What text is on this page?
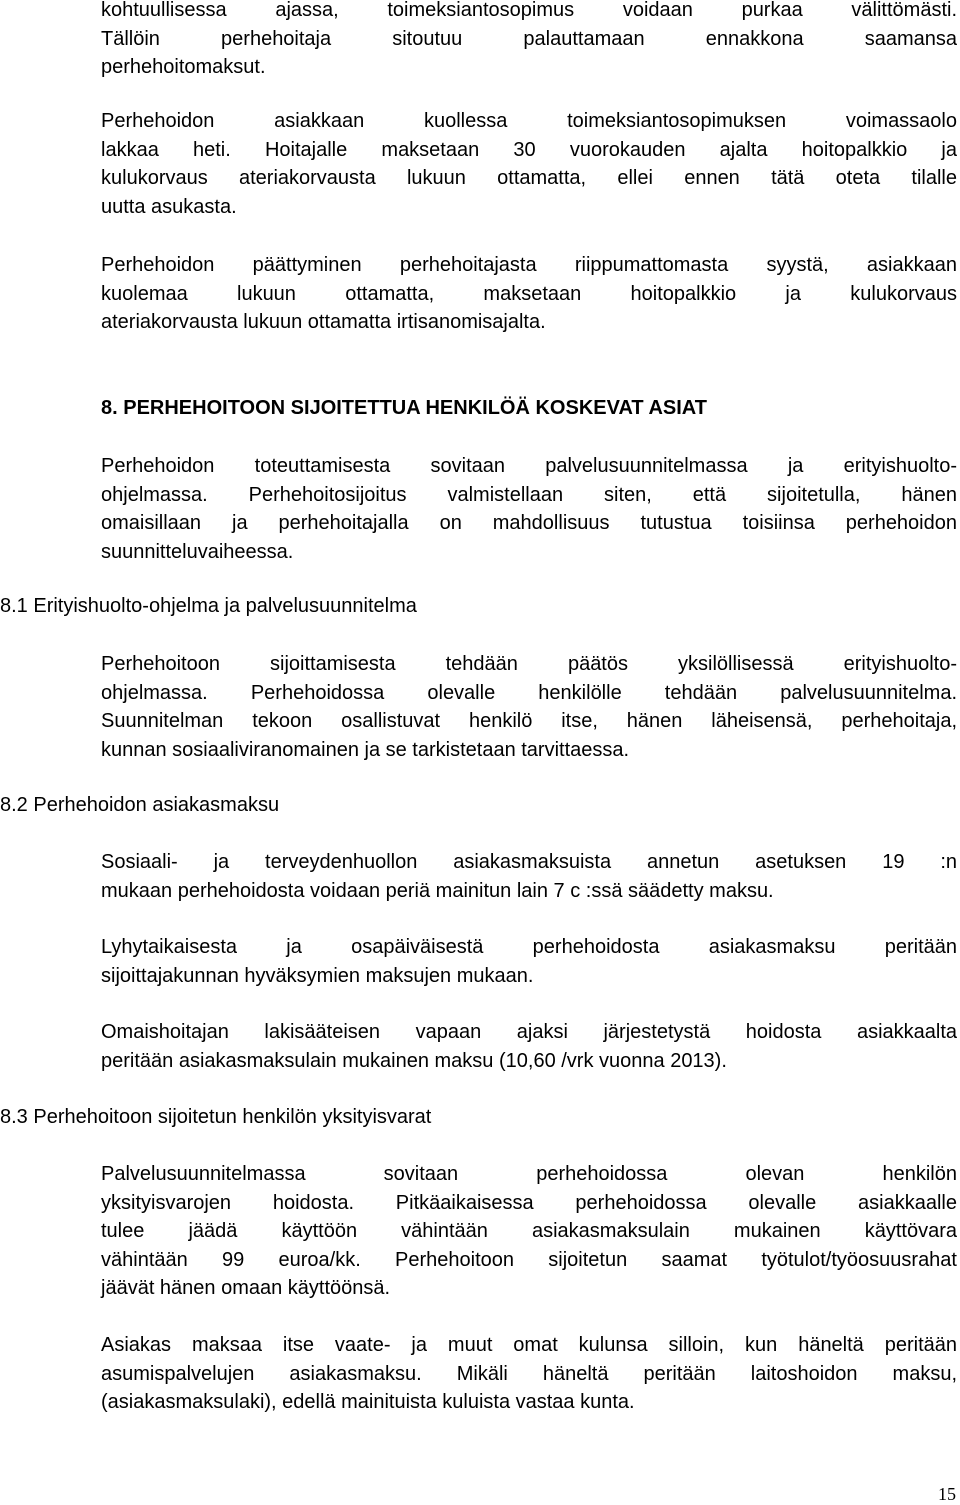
kohtuullisessa ajassa, toimeksiantosopimus voidaan purkaa välittömästi.
Tällöin perhehoitaja sitoutuu palauttamaan ennakkona saamansa
perhehoitomaksut.
Perhehoidon asiakkaan kuollessa toimeksiantosopimuksen voimassaolo
lakkaa heti. Hoitajalle maksetaan 30 vuorokauden ajalta hoitopalkkio ja
kulukorvaus ateriakorvausta lukuun ottamatta, ellei ennen tätä oteta tilalle
uutta asukasta.
Perhehoidon päättyminen perhehoitajasta riippumattomasta syystä, asiakkaan
kuolemaa lukuun ottamatta, maksetaan hoitopalkkio ja kulukorvaus
ateriakorvausta lukuun ottamatta irtisanomisajalta.
8. PERHEHOITOON SIJOITETTUA HENKILÖÄ KOSKEVAT ASIAT
Perhehoidon toteuttamisesta sovitaan palvelusuunnitelmassa ja erityishuolto-
ohjelmassa. Perhehoitosijoitus valmistellaan siten, että sijoitetulla, hänen
omaisillaan ja perhehoitajalla on mahdollisuus tutustua toisiinsa perhehoidon
suunnitteluvaiheessa.
8.1 Erityishuolto-ohjelma ja palvelusuunnitelma
Perhehoitoon sijoittamisesta tehdään päätös yksilöllisessä erityishuolto-
ohjelmassa. Perhehoidossa olevalle henkilölle tehdään palvelusuunnitelma.
Suunnitelman tekoon osallistuvat henkilö itse, hänen läheisensä, perhehoitaja,
kunnan sosiaaliviranomainen ja se tarkistetaan tarvittaessa.
8.2 Perhehoidon asiakasmaksu
Sosiaali- ja terveydenhuollon asiakasmaksuista annetun asetuksen 19 :n
mukaan perhehoidosta voidaan periä mainitun lain 7 c :ssä säädetty maksu.
Lyhytaikaisesta ja osapäiväisestä perhehoidosta asiakasmaksu peritään
sijoittajakunnan hyväksymien maksujen mukaan.
Omaishoitajan lakisääteisen vapaan ajaksi järjestetystä hoidosta asiakkaalta
peritään asiakasmaksulain mukainen maksu (10,60 /vrk vuonna 2013).
8.3 Perhehoitoon sijoitetun henkilön yksityisvarat
Palvelusuunnitelmassa sovitaan perhehoidossa olevan henkilön
yksityisvarojen hoidosta. Pitkäaikaisessa perhehoidossa olevalle asiakkaalle
tulee jäädä käyttöön vähintään asiakasmaksulain mukainen käyttövara
vähintään 99 euroa/kk. Perhehoitoon sijoitetun saamat työtulot/työosuusrahat
jäävät hänen omaan käyttöönsä.
Asiakas maksaa itse vaate- ja muut omat kulunsa silloin, kun häneltä peritään
asumispalvelujen asiakasmaksu. Mikäli häneltä peritään laitoshoidon maksu,
(asiakasmaksulaki), edellä mainituista kuluista vastaa kunta.
15
